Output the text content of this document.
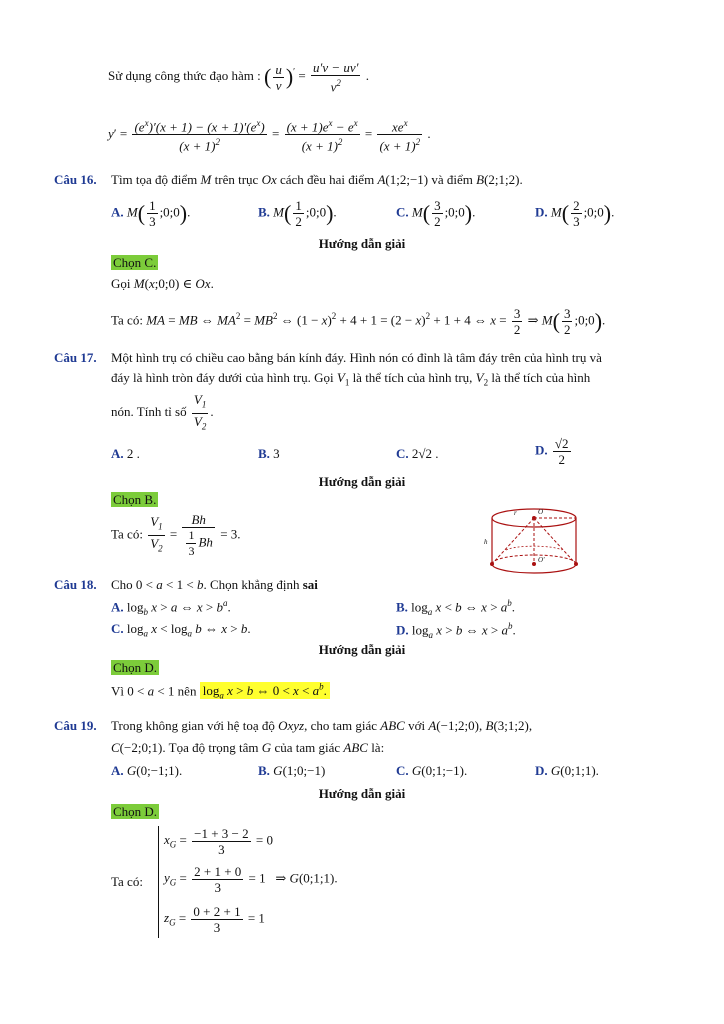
Sử dụng công thức đạo hàm : ( $\frac{u}{v} )' = \frac{u'v - uv'}{v^2}$ .
$y' = \frac{(e^x)'(x + 1) - (x + 1)'(e^x)}{(x + 1)^2} = \frac{(x + 1)e^x - e^x}{(x + 1)^2} = \frac{xe^x}{(x + 1)^2}$ .
Câu 16. Tìm tọa độ điểm M trên trục Ox cách đều hai điểm A(1;2;−1) và điểm B(2;1;2).
A. $M( \frac{1}{3}$ ;0;0).	B. $M( \frac{1}{2}$ ;0;0).	C. $M( \frac{3}{2}$ ;0;0).	D. $M( \frac{2}{3}$ ;0;0).
Hướng dẫn giải
Chọn C.
Gọi M(x;0;0) ∈ Ox.
Ta có: MA = MB ⇔ $MA^2 = MB^2$ ⇔ $(1 - x)^2 + 4 + 1 = (2 - x)^2 + 1 + 4$ ⇔ $x = \frac{3}{2}$ ⇒ $M( \frac{3}{2}$ ;0;0).
Câu 17. Một hình trụ có chiều cao bằng bán kính đáy. Hình nón có đỉnh là tâm đáy trên của hình trụ và
đáy là hình tròn đáy dưới của hình trụ. Gọi $V_1$ là thể tích của hình trụ, $V_2$ là thể tích của hình
nón. Tính tỉ số $\frac{V_1}{V_2}$ .
A. 2 .	B. 3	C. 2√2 .	D. $\frac{√2}{2}$
Hướng dẫn giải
Chọn B.
Ta có: $\frac{V_1}{V_2} = \frac{Bh}{\frac{1}{3} Bh} = 3$.
r	O
h
O'
Câu 18. Cho 0 < a < 1 < b. Chọn khẳng định sai
A. $\log_b x > a$ ⇔ $x > b^a$.	B. $\log_a x < b$ ⇔ $x > a^b$.
C. $\log_a x < \log_a b$ ⇔ x > b.	D. $\log_a x > b$ ⇔ $x > a^b$.
Hướng dẫn giải
Chọn D.
Vì 0 < a < 1 nên $\log_a x > b$ ⇔ $0 < x < a^b$.
Câu 19. Trong không gian với hệ toạ độ Oxyz, cho tam giác ABC với A(−1;2;0), B(3;1;2),
C(−2;0;1). Tọa độ trọng tâm G của tam giác ABC là:
A. G(0;−1;1).	B. G(1;0;−1)	C. G(0;1;−1).	D. G(0;1;1).
Hướng dẫn giải
Chọn D.
Ta có:
$x_G = \frac{-1 + 3 - 2}{3} = 0$
$y_G = \frac{2 + 1 + 0}{3} = 1$   ⇒ G(0;1;1).
$z_G = \frac{0 + 2 + 1}{3} = 1$
